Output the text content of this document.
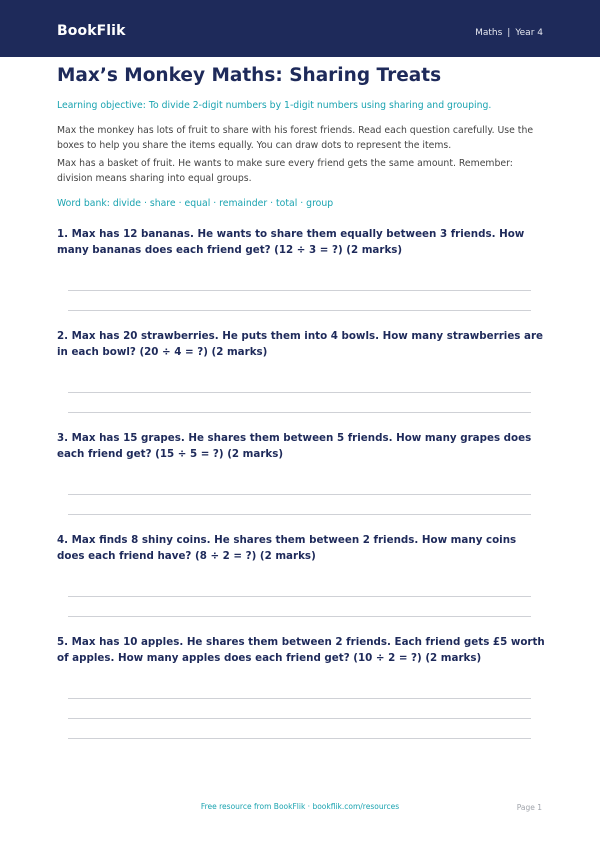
BookFlik	Maths | Year 4
Max’s Monkey Maths: Sharing Treats
Learning objective: To divide 2-digit numbers by 1-digit numbers using sharing and grouping.

Max the monkey has lots of fruit to share with his forest friends. Read each question carefully. Use the boxes to help you share the items equally. You can draw dots to represent the items.

Max has a basket of fruit. He wants to make sure every friend gets the same amount. Remember: division means sharing into equal groups.

Word bank: divide · share · equal · remainder · total · group

1. Max has 12 bananas. He wants to share them equally between 3 friends. How many bananas does each friend get? (12 ÷ 3 = ?) (2 marks)

2. Max has 20 strawberries. He puts them into 4 bowls. How many strawberries are in each bowl? (20 ÷ 4 = ?) (2 marks)

3. Max has 15 grapes. He shares them between 5 friends. How many grapes does each friend get? (15 ÷ 5 = ?) (2 marks)

4. Max finds 8 shiny coins. He shares them between 2 friends. How many coins does each friend have? (8 ÷ 2 = ?) (2 marks)

5. Max has 10 apples. He shares them between 2 friends. Each friend gets £5 worth of apples. How many apples does each friend get? (10 ÷ 2 = ?) (2 marks)

Free resource from BookFlik · bookflik.com/resources	Page 1
